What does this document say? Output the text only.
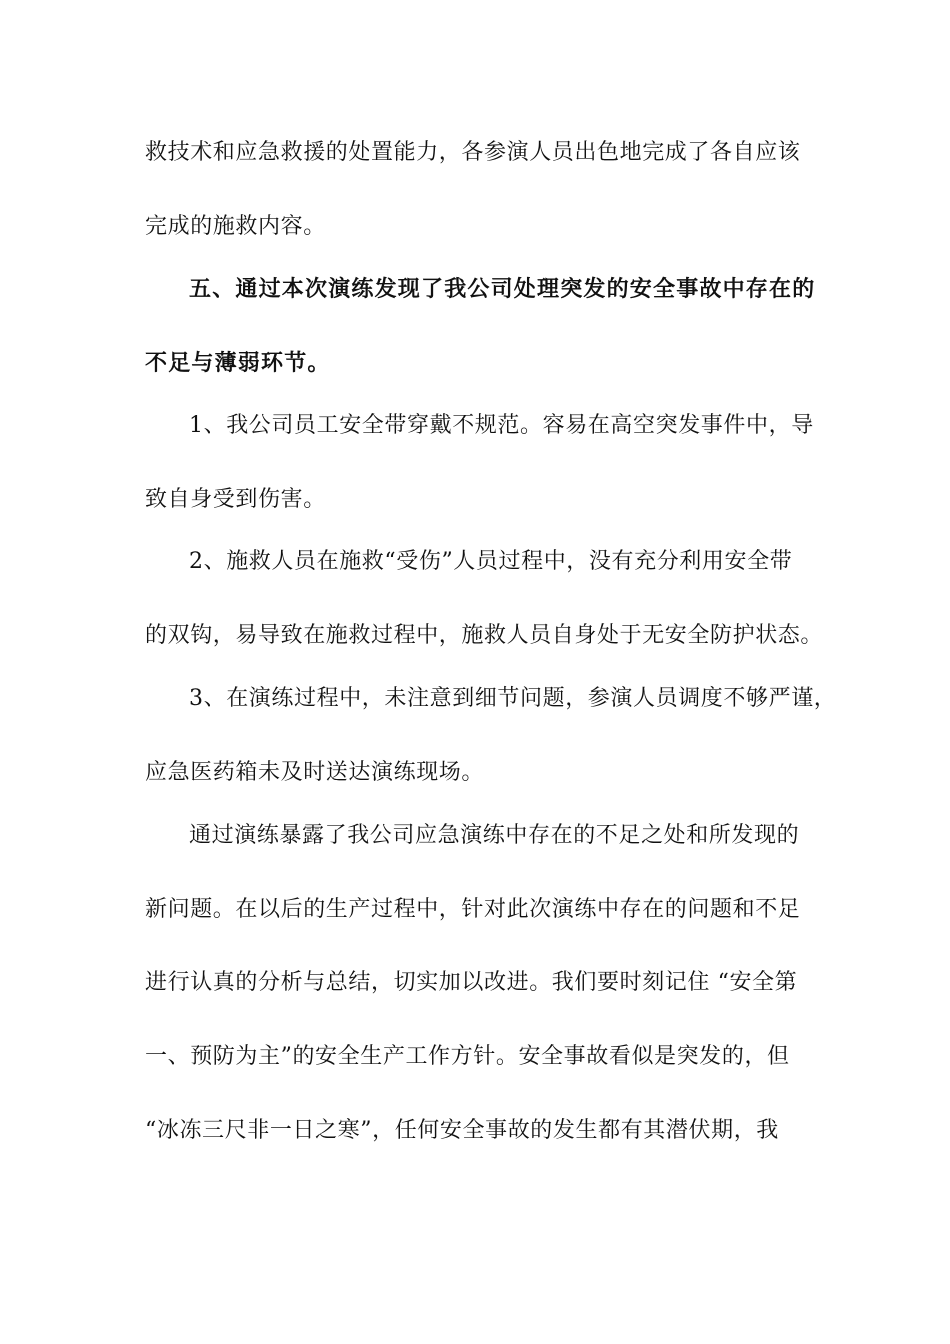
救技术和应急救援的处置能力，各参演人员出色地完成了各自应该
完成的施救内容。
五、通过本次演练发现了我公司处理突发的安全事故中存在的
不足与薄弱环节。
1、我公司员工安全带穿戴不规范。容易在高空突发事件中，导
致自身受到伤害。
2、施救人员在施救“受伤”人员过程中，没有充分利用安全带
的双钩，易导致在施救过程中，施救人员自身处于无安全防护状态。
3、在演练过程中，未注意到细节问题，参演人员调度不够严谨，
应急医药箱未及时送达演练现场。
通过演练暴露了我公司应急演练中存在的不足之处和所发现的
新问题。在以后的生产过程中，针对此次演练中存在的问题和不足
进行认真的分析与总结，切实加以改进。我们要时刻记住 “安全第
一、预防为主”的安全生产工作方针。安全事故看似是突发的，但
“冰冻三尺非一日之寒”，任何安全事故的发生都有其潜伏期，我
